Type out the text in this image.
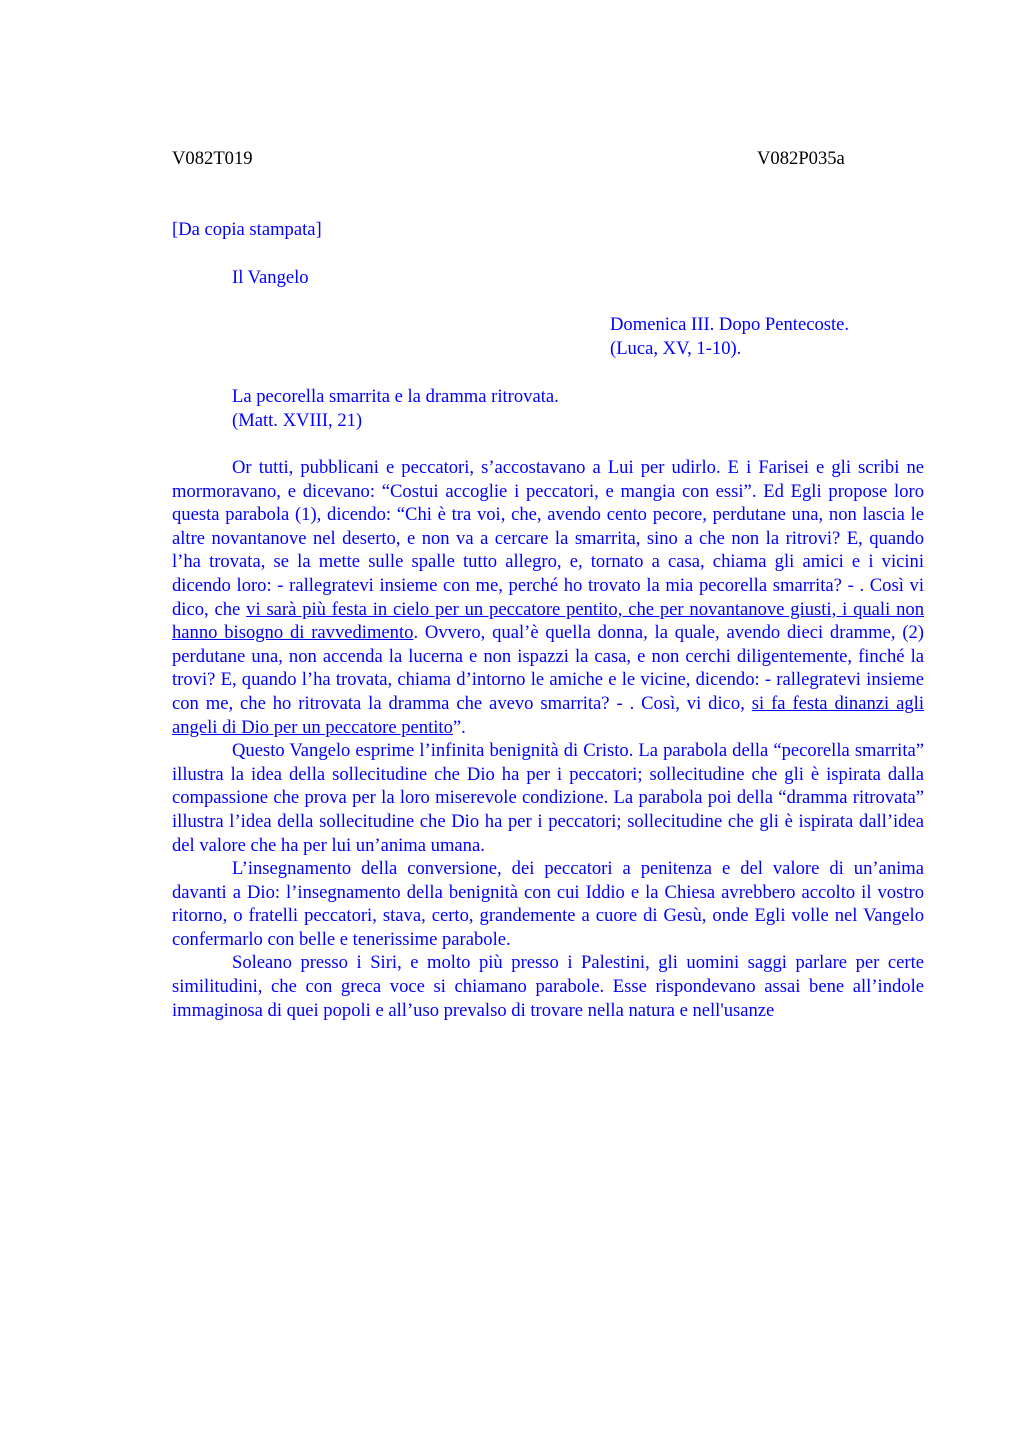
V082T019	V082P035a
[Da copia stampata]
Il Vangelo
Domenica III. Dopo Pentecoste.
(Luca, XV, 1-10).
La pecorella smarrita e la dramma ritrovata.
(Matt. XVIII, 21)

Or tutti, pubblicani e peccatori, s’accostavano a Lui per udirlo. E i Farisei e gli scribi ne mormoravano, e dicevano: “Costui accoglie i peccatori, e mangia con essi”. Ed Egli propose loro questa parabola (1), dicendo: “Chi è tra voi, che, avendo cento pecore, perdutane una, non lascia le altre novantanove nel deserto, e non va a cercare la smarrita, sino a che non la ritrovi? E, quando l’ha trovata, se la mette sulle spalle tutto allegro, e, tornato a casa, chiama gli amici e i vicini dicendo loro: - rallegratevi insieme con me, perché ho trovato la mia pecorella smarrita? - . Così vi dico, che vi sarà più festa in cielo per un peccatore pentito, che per novantanove giusti, i quali non hanno bisogno di ravvedimento. Ovvero, qual’è quella donna, la quale, avendo dieci dramme, (2) perdutane una, non accenda la lucerna e non ispazzi la casa, e non cerchi diligentemente, finché la trovi? E, quando l’ha trovata, chiama d’intorno le amiche e le vicine, dicendo: - rallegratevi insieme con me, che ho ritrovata la dramma che avevo smarrita? - . Così, vi dico, si fa festa dinanzi agli angeli di Dio per un peccatore pentito”.

Questo Vangelo esprime l’infinita benignità di Cristo. La parabola della “pecorella smarrita” illustra la idea della sollecitudine che Dio ha per i peccatori; sollecitudine che gli è ispirata dalla compassione che prova per la loro miserevole condizione. La parabola poi della “dramma ritrovata” illustra l’idea della sollecitudine che Dio ha per i peccatori; sollecitudine che gli è ispirata dall’idea del valore che ha per lui un’anima umana.

L’insegnamento della conversione, dei peccatori a penitenza e del valore di un’anima davanti a Dio: l’insegnamento della benignità con cui Iddio e la Chiesa avrebbero accolto il vostro ritorno, o fratelli peccatori, stava, certo, grandemente a cuore di Gesù, onde Egli volle nel Vangelo confermarlo con belle e tenerissime parabole.

Soleano presso i Siri, e molto più presso i Palestini, gli uomini saggi parlare per certe similitudini, che con greca voce si chiamano parabole. Esse rispondevano assai bene all’indole immaginosa di quei popoli e all’uso prevalso di trovare nella natura e nell'usanze
